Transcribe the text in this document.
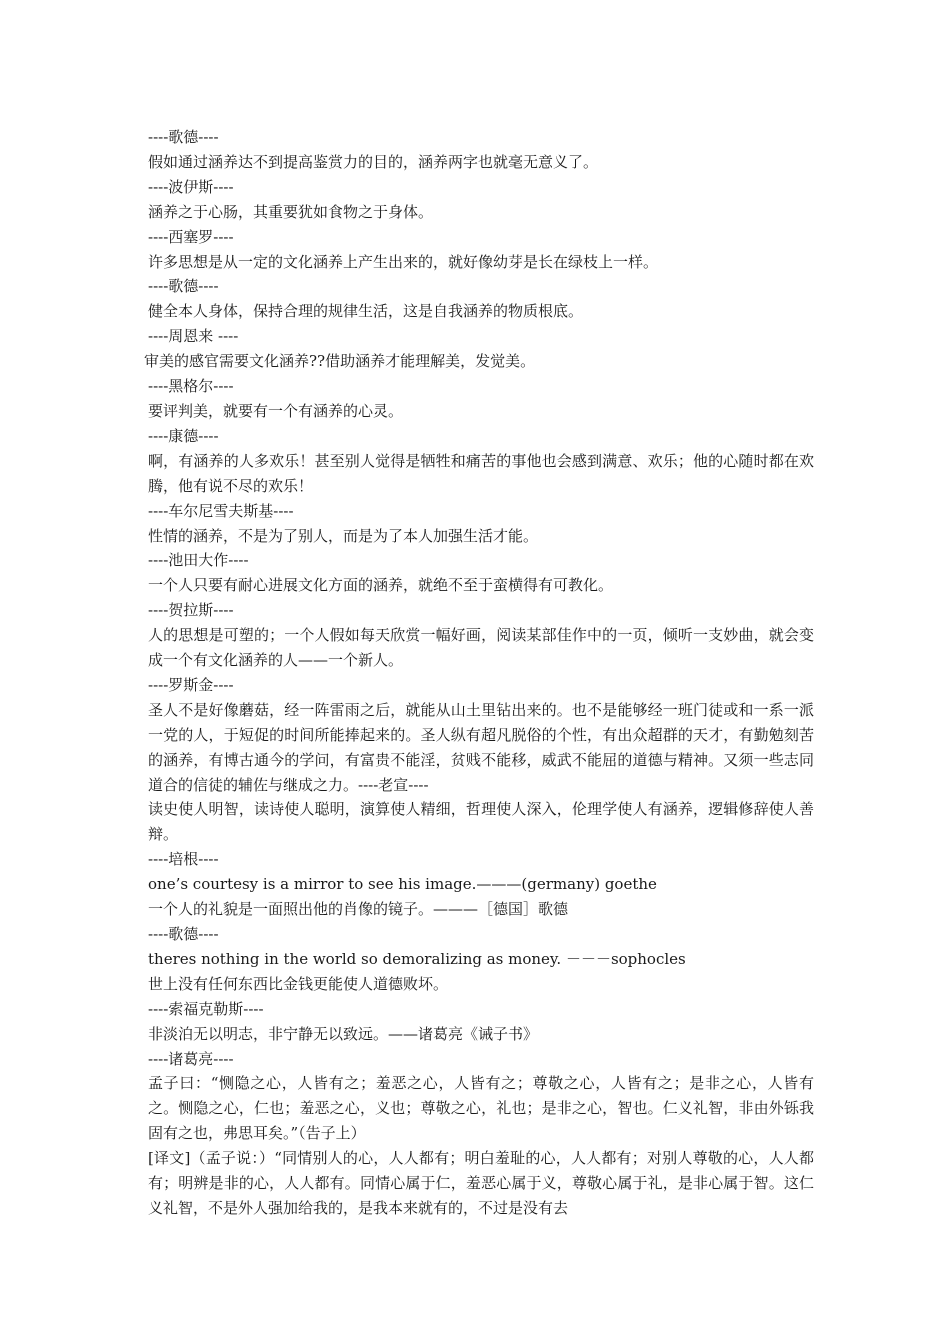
----歌德----

假如通过涵养达不到提高鉴赏力的目的，涵养两字也就毫无意义了。

----波伊斯----

涵养之于心肠，其重要犹如食物之于身体。

----西塞罗----

许多思想是从一定的文化涵养上产生出来的，就好像幼芽是长在绿枝上一样。

----歌德----

健全本人身体，保持合理的规律生活，这是自我涵养的物质根底。

----周恩来 ----

审美的感官需要文化涵养??借助涵养才能理解美，发觉美。

----黑格尔----

要评判美，就要有一个有涵养的心灵。

----康德----

啊，有涵养的人多欢乐！甚至别人觉得是牺牲和痛苦的事他也会感到满意、欢乐；他的心随时都在欢腾，他有说不尽的欢乐！

----车尔尼雪夫斯基----

性情的涵养，不是为了别人，而是为了本人加强生活才能。

----池田大作----

一个人只要有耐心进展文化方面的涵养，就绝不至于蛮横得有可教化。

----贺拉斯----

人的思想是可塑的；一个人假如每天欣赏一幅好画，阅读某部佳作中的一页，倾听一支妙曲，就会变成一个有文化涵养的人——一个新人。

----罗斯金----

圣人不是好像蘑菇，经一阵雷雨之后，就能从山土里钻出来的。也不是能够经一班门徒或和一系一派一党的人，于短促的时间所能捧起来的。圣人纵有超凡脱俗的个性，有出众超群的天才，有勤勉刻苦的涵养，有博古通今的学问，有富贵不能淫，贫贱不能移，威武不能屈的道德与精神。又须一些志同道合的信徒的辅佐与继成之力。----老宣----

读史使人明智，读诗使人聪明，演算使人精细，哲理使人深入，伦理学使人有涵养，逻辑修辞使人善辩。

----培根----

one’s courtesy is a mirror to see his image.———(germany) goethe

一个人的礼貌是一面照出他的肖像的镜子。———［德国］歌德

----歌德----

theres nothing in the world so demoralizing as money. －－－sophocles

世上没有任何东西比金钱更能使人道德败坏。

----索福克勒斯----

非淡泊无以明志，非宁静无以致远。——诸葛亮《诫子书》

----诸葛亮----

孟子曰：“恻隐之心，人皆有之；羞恶之心，人皆有之；尊敬之心，人皆有之；是非之心，人皆有之。恻隐之心，仁也；羞恶之心，义也；尊敬之心，礼也；是非之心，智也。仁义礼智，非由外铄我固有之也，弗思耳矣。”（告子上）

[译文]（孟子说：）“同情别人的心，人人都有；明白羞耻的心，人人都有；对别人尊敬的心，人人都有；明辨是非的心，人人都有。同情心属于仁，羞恶心属于义，尊敬心属于礼，是非心属于智。这仁义礼智，不是外人强加给我的，是我本来就有的，不过是没有去
